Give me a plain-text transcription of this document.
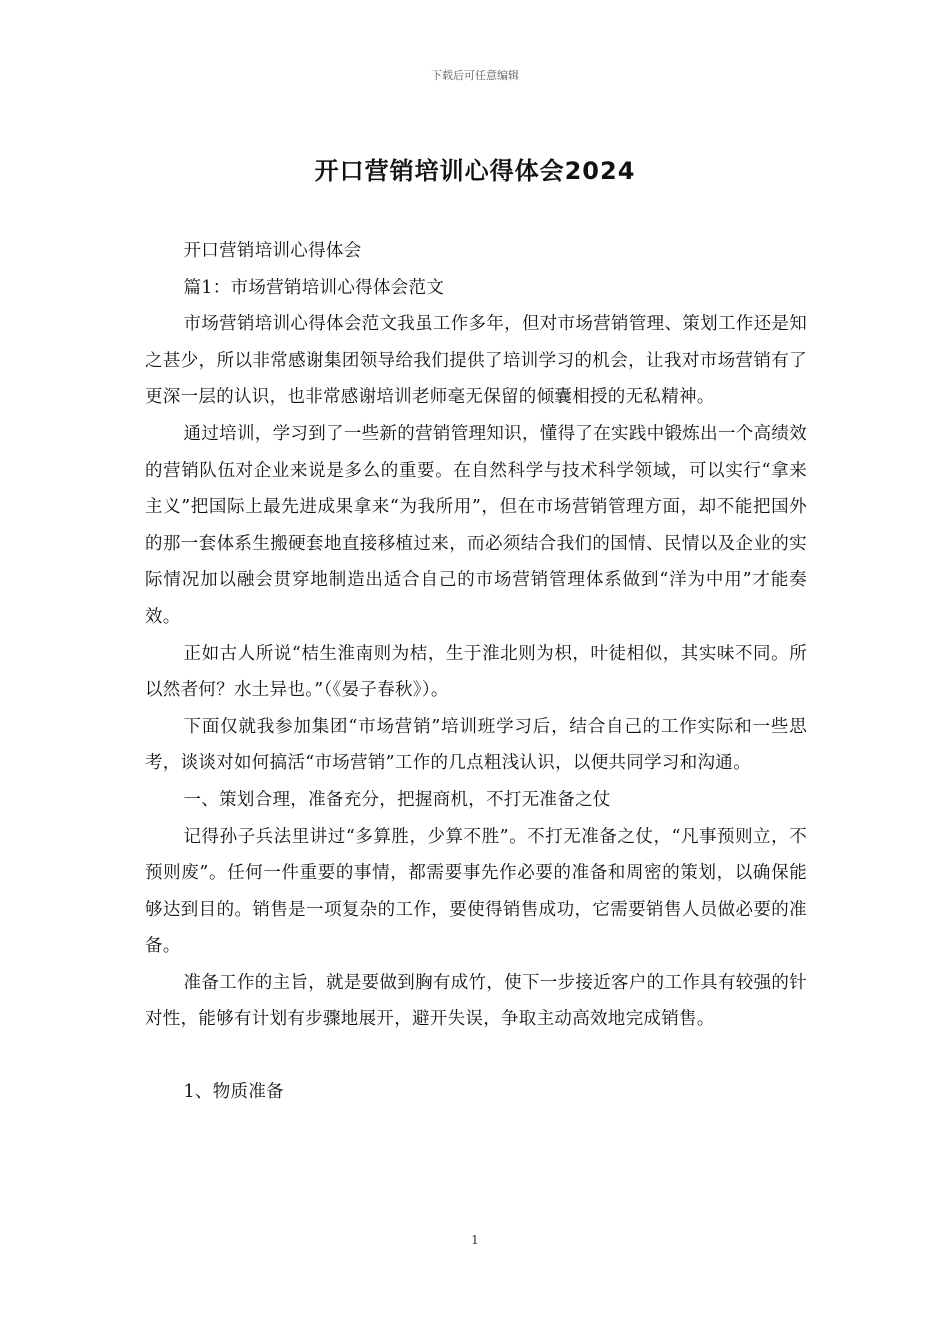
下载后可任意编辑
开口营销培训心得体会2024

开口营销培训心得体会

篇1：市场营销培训心得体会范文

市场营销培训心得体会范文我虽工作多年，但对市场营销管理、策划工作还是知之甚少，所以非常感谢集团领导给我们提供了培训学习的机会，让我对市场营销有了更深一层的认识，也非常感谢培训老师毫无保留的倾囊相授的无私精神。

通过培训，学习到了一些新的营销管理知识，懂得了在实践中锻炼出一个高绩效的营销队伍对企业来说是多么的重要。在自然科学与技术科学领域，可以实行“拿来主义”把国际上最先进成果拿来“为我所用”，但在市场营销管理方面，却不能把国外的那一套体系生搬硬套地直接移植过来，而必须结合我们的国情、民情以及企业的实际情况加以融会贯穿地制造出适合自己的市场营销管理体系做到“洋为中用”才能奏效。

正如古人所说“桔生淮南则为桔，生于淮北则为枳，叶徒相似，其实味不同。所以然者何？水土异也。”（《晏子春秋》）。

下面仅就我参加集团“市场营销”培训班学习后，结合自己的工作实际和一些思考，谈谈对如何搞活“市场营销”工作的几点粗浅认识，以便共同学习和沟通。

一、策划合理，准备充分，把握商机，不打无准备之仗

记得孙子兵法里讲过“多算胜，少算不胜”。不打无准备之仗，“凡事预则立，不预则废”。任何一件重要的事情，都需要事先作必要的准备和周密的策划，以确保能够达到目的。销售是一项复杂的工作，要使得销售成功，它需要销售人员做必要的准备。

准备工作的主旨，就是要做到胸有成竹，使下一步接近客户的工作具有较强的针对性，能够有计划有步骤地展开，避开失误，争取主动高效地完成销售。

1、物质准备

1
